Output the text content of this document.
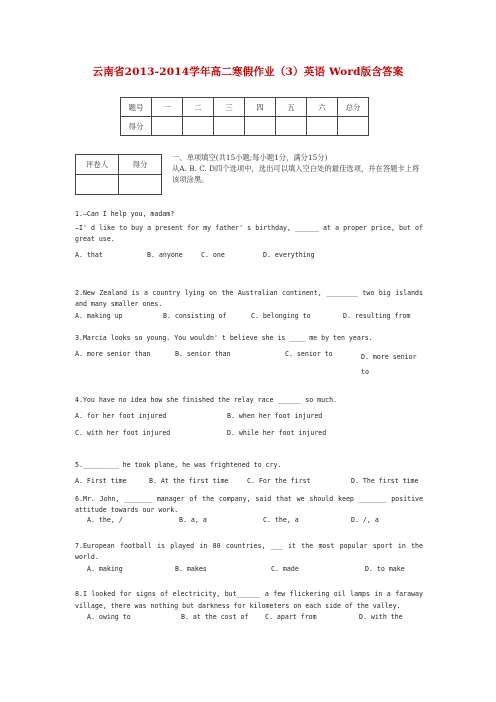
云南省2013-2014学年高二寒假作业（3）英语 Word版含答案
题号	一	二	三	四	五	六	总分
得分							
评卷人	得分

一、单项填空(共15小题;每小题1分，满分15分)
从A. B. C. D四个选项中，选出可以填入空白处的最佳选项，并在答题卡上将该项涂黑。
1.—Can I help you, madam?
—I' d like to buy a present for my father' s birthday, ______ at a proper price, but of great use.
A. that	B. anyone	C. one	D. everything
2.New Zealand is a country lying on the Australian continent, ________ two big islands and many smaller ones.
A. making up	B. consisting of	C. belonging to	D. resulting from
3.Marcia looks so young. You wouldn' t believe she is ____ me by ten years.
A. more senior than	B. senior than	C. senior to	D. more senior to
4.You have no idea how she finished the relay race ______ so much.
A. for her foot injured	B. when her foot injured
C. with her foot injured	D. while her foot injured
5._________ he took plane, he was frightened to cry.
A. First time	B. At the first time	C. For the first	D. The first time
6.Mr. John, _______ manager of the company, said that we should keep _______ positive attitude towards our work.
A. the, /	B. a, a	C. the, a	D. /, a
7.European football is played in 80 countries, ___ it the most popular sport in the world.
A. making	B. makes	C. made	D. to make
8.I looked for signs of electricity, but______ a few flickering oil lamps in a faraway village, there was nothing but darkness for kilometers on each side of the valley.
A. owing to	B. at the cost of	C. apart from	D. with the
